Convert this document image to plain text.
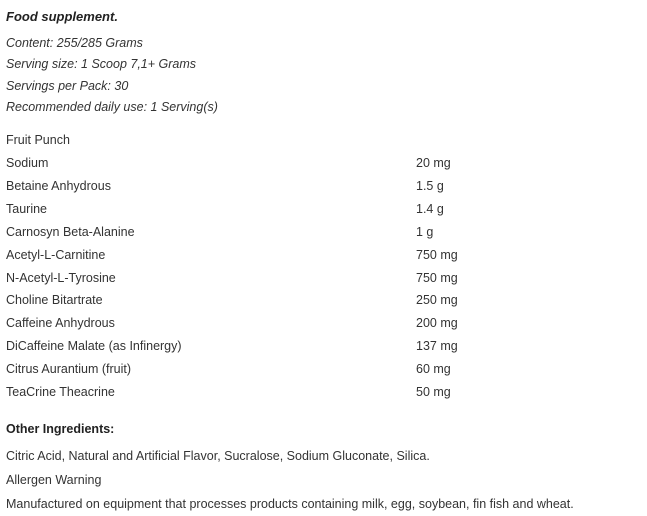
Food supplement.
Content: 255/285 Grams
Serving size: 1 Scoop 7,1+ Grams
Servings per Pack: 30
Recommended daily use: 1 Serving(s)
Fruit Punch	
Sodium	20 mg
Betaine Anhydrous	1.5 g
Taurine	1.4 g
Carnosyn Beta-Alanine	1 g
Acetyl-L-Carnitine	750 mg
N-Acetyl-L-Tyrosine	750 mg
Choline Bitartrate	250 mg
Caffeine Anhydrous	200 mg
DiCaffeine Malate (as Infinergy)	137 mg
Citrus Aurantium (fruit)	60 mg
TeaCrine Theacrine	50 mg
Other Ingredients:
Citric Acid, Natural and Artificial Flavor, Sucralose, Sodium Gluconate, Silica.
Allergen Warning
Manufactured on equipment that processes products containing milk, egg, soybean, fin fish and wheat.
